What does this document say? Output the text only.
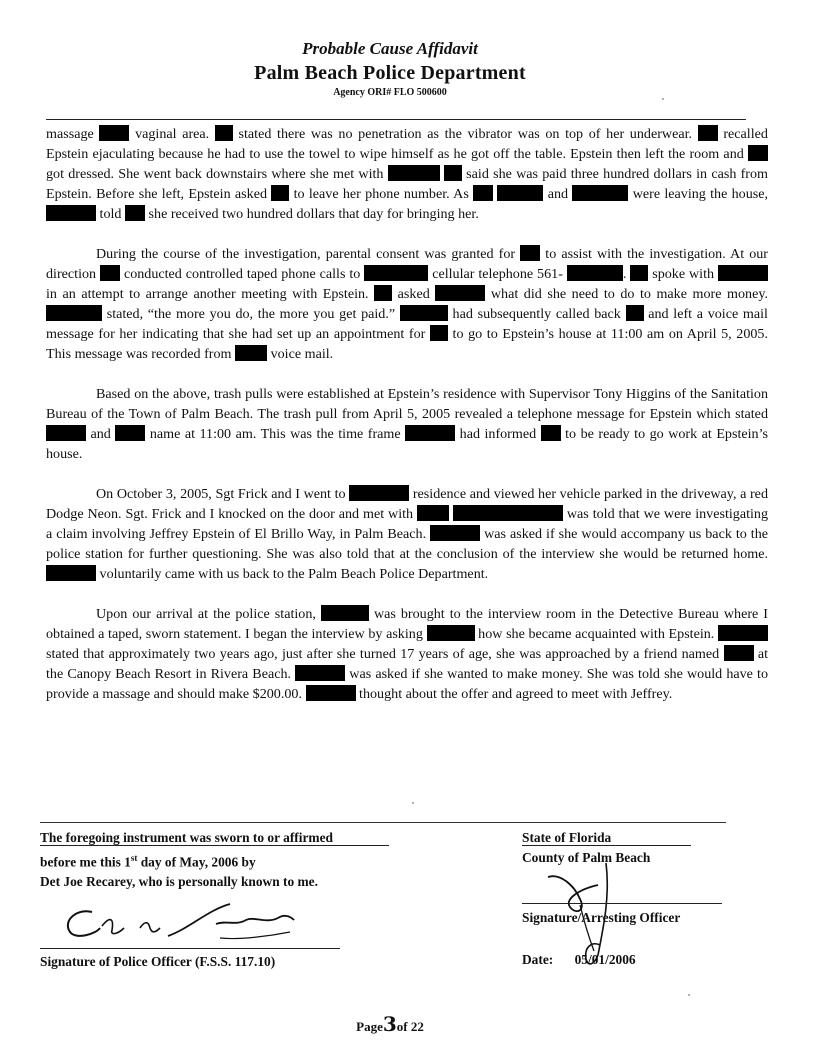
Probable Cause Affidavit
Palm Beach Police Department
Agency ORI# FLO 500600

massage	vaginal area. stated there was no penetration as the vibrator was on top of her underwear. recalled Epstein ejaculating because he had to use the towel to wipe himself as he got off the table. Epstein then left the room and  got dressed. She went back downstairs where she met with	said she was paid three hundred dollars in cash from Epstein. Before she left, Epstein asked to leave her phone number. As	and	were leaving the house,  told she received two hundred dollars that day for bringing her.

During the course of the investigation, parental consent was granted for to assist with the investigation. At our direction conducted controlled taped phone calls to	cellular telephone 561-	. spoke with  in an attempt to arrange another meeting with Epstein. asked	what did she need to do to make more money.  stated, “the more you do, the more you get paid.”	had subsequently called back and left a voice mail message for her indicating that she had set up an appointment for to go to Epstein’s house at 11:00 am on April 5, 2005. This message was recorded from	voice mail.

Based on the above, trash pulls were established at Epstein’s residence with Supervisor Tony Higgins of the Sanitation Bureau of the Town of Palm Beach. The trash pull from April 5, 2005 revealed a telephone message for Epstein which stated  and	name at 11:00 am. This was the time frame	had informed to be ready to go work at Epstein’s house.

On October 3, 2005, Sgt Frick and I went to	residence and viewed her vehicle parked in the driveway, a red Dodge Neon. Sgt. Frick and I knocked on the door and met with	was told that we were investigating a claim involving Jeffrey Epstein of El Brillo Way, in Palm Beach.	was asked if she would accompany us back to the police station for further questioning. She was also told that at the conclusion of the interview she would be returned home.  voluntarily came with us back to the Palm Beach Police Department.

Upon our arrival at the police station,	was brought to the interview room in the Detective Bureau where I obtained a taped, sworn statement. I began the interview by asking	how she became acquainted with Epstein.  stated that approximately two years ago, just after she turned 17 years of age, she was approached by a friend named	at the Canopy Beach Resort in Rivera Beach.	was asked if she wanted to make money. She was told she would have to provide a massage and should make $200.00.	thought about the offer and agreed to meet with Jeffrey.

The foregoing instrument was sworn to or affirmed
before me this 1st day of May, 2006 by
Det Joe Recarey, who is personally known to me.
Signature of Police Officer (F.S.S. 117.10)
State of Florida
County of Palm Beach
Signature/Arresting Officer
Date: 05/01/2006
Page3of 22
